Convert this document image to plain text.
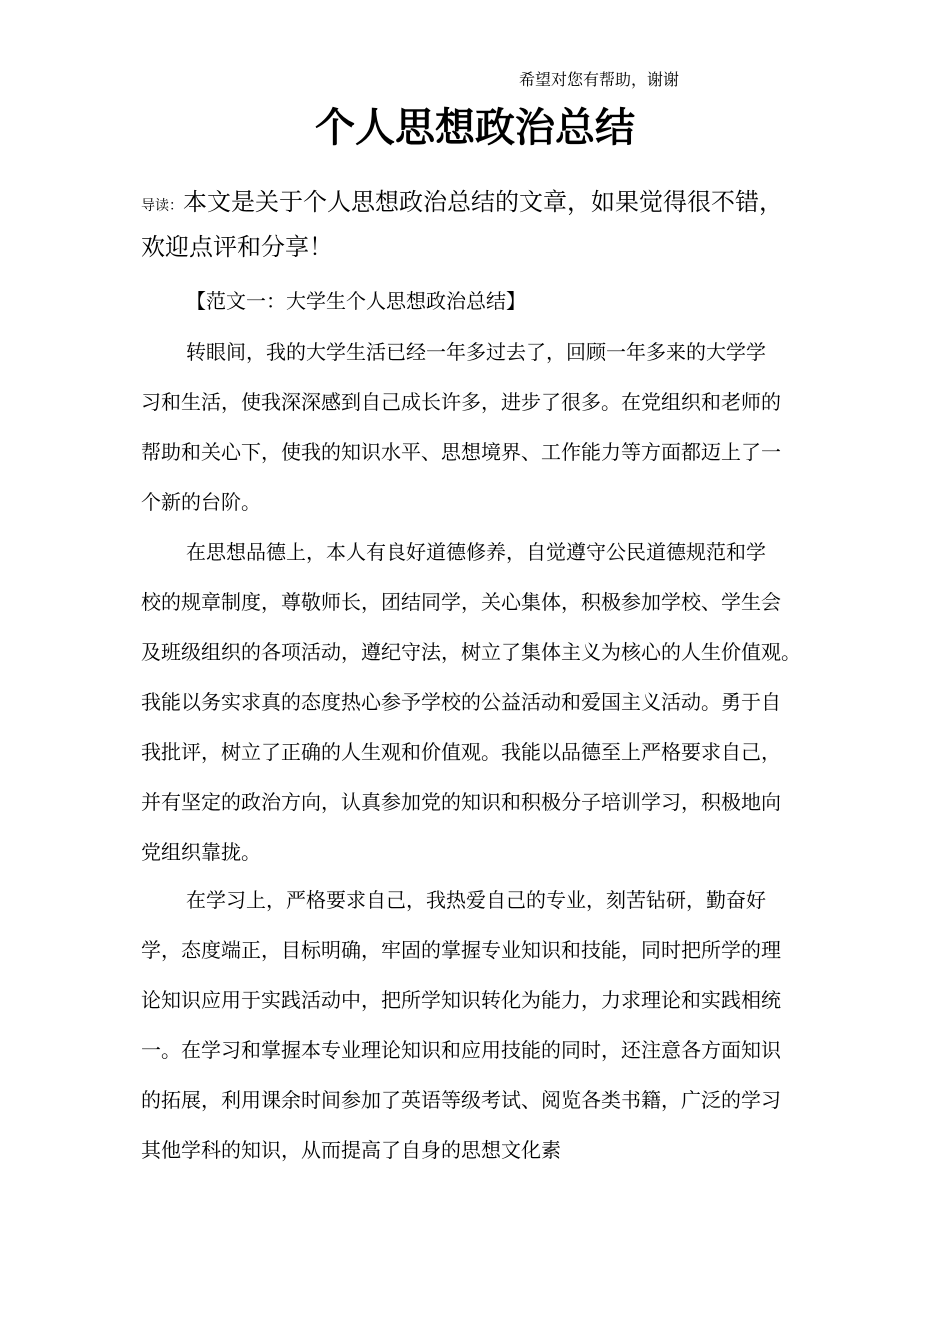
希望对您有帮助，谢谢
个人思想政治总结
导读：本文是关于个人思想政治总结的文章，如果觉得很不错，
欢迎点评和分享！
【范文一：大学生个人思想政治总结】
转眼间，我的大学生活已经一年多过去了，回顾一年多来的大学学
习和生活，使我深深感到自己成长许多，进步了很多。在党组织和老师的
帮助和关心下，使我的知识水平、思想境界、工作能力等方面都迈上了一
个新的台阶。
在思想品德上，本人有良好道德修养，自觉遵守公民道德规范和学
校的规章制度，尊敬师长，团结同学，关心集体，积极参加学校、学生会
及班级组织的各项活动，遵纪守法，树立了集体主义为核心的人生价值观。
我能以务实求真的态度热心参予学校的公益活动和爱国主义活动。勇于自
我批评，树立了正确的人生观和价值观。我能以品德至上严格要求自己，
并有坚定的政治方向，认真参加党的知识和积极分子培训学习，积极地向
党组织靠拢。
在学习上，严格要求自己，我热爱自己的专业，刻苦钻研，勤奋好
学，态度端正，目标明确，牢固的掌握专业知识和技能，同时把所学的理
论知识应用于实践活动中，把所学知识转化为能力，力求理论和实践相统
一。在学习和掌握本专业理论知识和应用技能的同时，还注意各方面知识
的拓展，利用课余时间参加了英语等级考试、阅览各类书籍，广泛的学习
其他学科的知识，从而提高了自身的思想文化素
